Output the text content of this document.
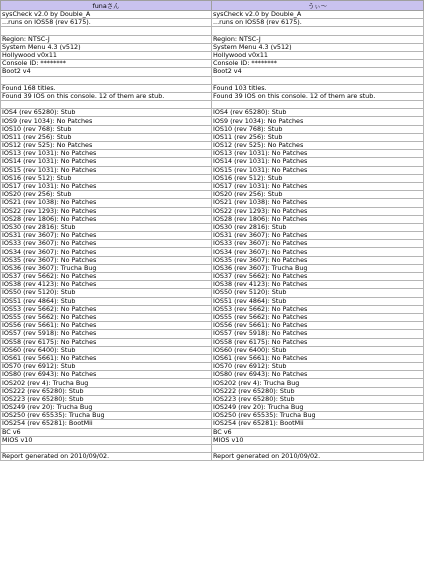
funaさん	うぃ～
sysCheck v2.0 by Double_A	sysCheck v2.0 by Double_A
...runs on IOS58 (rev 6175).	...runs on IOS58 (rev 6175).

Region: NTSC-J	Region: NTSC-J
System Menu 4.3 (v512)	System Menu 4.3 (v512)
Hollywood v0x11	Hollywood v0x11
Console ID: ********	Console ID: ********
Boot2 v4	Boot2 v4

Found 168 titles.	Found 103 titles.
Found 39 IOS on this console. 12 of them are stub.	Found 39 IOS on this console. 12 of them are stub.

IOS4 (rev 65280): Stub	IOS4 (rev 65280): Stub
IOS9 (rev 1034): No Patches	IOS9 (rev 1034): No Patches
IOS10 (rev 768): Stub	IOS10 (rev 768): Stub
IOS11 (rev 256): Stub	IOS11 (rev 256): Stub
IOS12 (rev 525): No Patches	IOS12 (rev 525): No Patches
IOS13 (rev 1031): No Patches	IOS13 (rev 1031): No Patches
IOS14 (rev 1031): No Patches	IOS14 (rev 1031): No Patches
IOS15 (rev 1031): No Patches	IOS15 (rev 1031): No Patches
IOS16 (rev 512): Stub	IOS16 (rev 512): Stub
IOS17 (rev 1031): No Patches	IOS17 (rev 1031): No Patches
IOS20 (rev 256): Stub	IOS20 (rev 256): Stub
IOS21 (rev 1038): No Patches	IOS21 (rev 1038): No Patches
IOS22 (rev 1293): No Patches	IOS22 (rev 1293): No Patches
IOS28 (rev 1806): No Patches	IOS28 (rev 1806): No Patches
IOS30 (rev 2816): Stub	IOS30 (rev 2816): Stub
IOS31 (rev 3607): No Patches	IOS31 (rev 3607): No Patches
IOS33 (rev 3607): No Patches	IOS33 (rev 3607): No Patches
IOS34 (rev 3607): No Patches	IOS34 (rev 3607): No Patches
IOS35 (rev 3607): No Patches	IOS35 (rev 3607): No Patches
IOS36 (rev 3607): Trucha Bug	IOS36 (rev 3607): Trucha Bug
IOS37 (rev 5662): No Patches	IOS37 (rev 5662): No Patches
IOS38 (rev 4123): No Patches	IOS38 (rev 4123): No Patches
IOS50 (rev 5120): Stub	IOS50 (rev 5120): Stub
IOS51 (rev 4864): Stub	IOS51 (rev 4864): Stub
IOS53 (rev 5662): No Patches	IOS53 (rev 5662): No Patches
IOS55 (rev 5662): No Patches	IOS55 (rev 5662): No Patches
IOS56 (rev 5661): No Patches	IOS56 (rev 5661): No Patches
IOS57 (rev 5918): No Patches	IOS57 (rev 5918): No Patches
IOS58 (rev 6175): No Patches	IOS58 (rev 6175): No Patches
IOS60 (rev 6400): Stub	IOS60 (rev 6400): Stub
IOS61 (rev 5661): No Patches	IOS61 (rev 5661): No Patches
IOS70 (rev 6912): Stub	IOS70 (rev 6912): Stub
IOS80 (rev 6943): No Patches	IOS80 (rev 6943): No Patches
IOS202 (rev 4): Trucha Bug	IOS202 (rev 4): Trucha Bug
IOS222 (rev 65280): Stub	IOS222 (rev 65280): Stub
IOS223 (rev 65280): Stub	IOS223 (rev 65280): Stub
IOS249 (rev 20): Trucha Bug	IOS249 (rev 20): Trucha Bug
IOS250 (rev 65535): Trucha Bug	IOS250 (rev 65535): Trucha Bug
IOS254 (rev 65281): BootMii	IOS254 (rev 65281): BootMii
BC v6	BC v6
MIOS v10	MIOS v10

Report generated on 2010/09/02.	Report generated on 2010/09/02.
